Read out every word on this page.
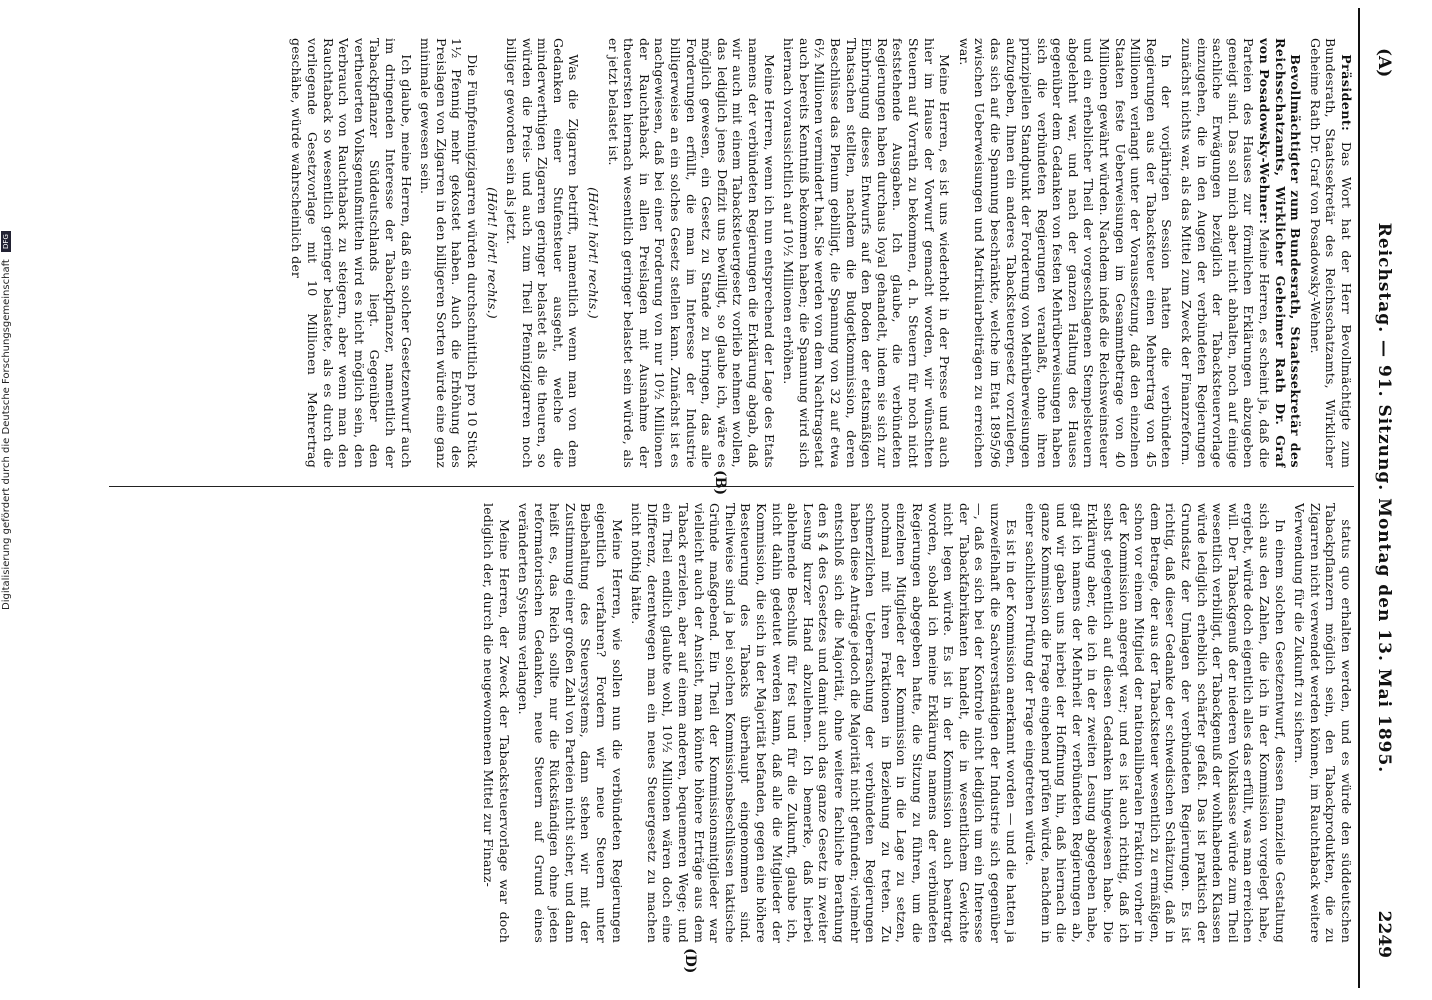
(A)
Reichstag. — 91. Sitzung. Montag den 13. Mai 1895.
2249

Präsident: Das Wort hat der Herr Bevollmächtigte zum Bundesrath, Staatssekretär des Reichsschatzamts, Wirklicher Geheime Rath Dr. Graf von Posadowsky-Wehner.

Bevollmächtigter zum Bundesrath, Staatssekretär des Reichsschatzamts, Wirklicher Geheimer Rath Dr. Graf von Posadowsky-Wehner: Meine Herren, es scheint ja, daß die Parteien des Hauses zur förmlichen Erklärungen abzugeben geneigt sind. Das soll mich aber nicht abhalten, noch auf einige sachliche Erwägungen bezüglich der Tabacksteuervorlage einzugehen, die in den Augen der verbündeten Regierungen zunächst nichts war, als das Mittel zum Zweck der Finanzreform.

In der vorjährigen Session hatten die verbündeten Regierungen aus der Tabacksteuer einen Mehrertrag von 45 Millionen verlangt unter der Voraussetzung, daß den einzelnen Staaten feste Ueberweisungen im Gesammtbetrage von 40 Millionen gewährt würden. Nachdem indeß die Reichsweinsteuer und ein erheblicher Theil der vorgeschlagenen Stempelsteuern abgelehnt war, und nach der ganzen Haltung des Hauses gegenüber dem Gedanken von festen Mehrüberweisungen haben sich die verbündeten Regierungen veranlaßt, ohne ihren prinzipiellen Standpunkt der Forderung von Mehrüberweisungen aufzugeben, Ihnen ein anderes Tabacksteuergesetz vorzulegen, das sich auf die Spannung beschränkte, welche im Etat 1895/96 zwischen Ueberweisungen und Matrikularbeiträgen zu erreichen war.

Meine Herren, es ist uns wiederholt in der Presse und auch hier im Hause der Vorwurf gemacht worden, wir wünschten Steuern auf Vorrath zu bekommen, d. h. Steuern für noch nicht feststehende Ausgaben. Ich glaube, die verbündeten Regierungen haben durchaus loyal gehandelt, indem sie sich zur Einbringung dieses Entwurfs auf den Boden der etatsmäßigen Thatsachen stellten, nachdem die Budgetkommission, deren Beschlüsse das Plenum gebilligt, die Spannung von 32 auf etwa 6½ Millionen vermindert hat. Sie werden von dem Nachtragsetat auch bereits Kenntniß bekommen haben; die Spannung wird sich hiernach voraussichtlich auf 10½ Millionen erhöhen.

Meine Herren, wenn ich nun entsprechend der Lage des Etats namens der verbündeten Regierungen die Erklärung abgab, daß wir auch mit einem Tabacksteuergesetz vorlieb nehmen wollen, das lediglich jenes Defizit uns bewilligt, so glaube ich, wäre es möglich gewesen, ein Gesetz zu Stande zu bringen, das alle Forderungen erfüllt, die man im Interesse der Industrie billigerweise an ein solches Gesetz stellen kann. Zunächst ist es nachgewiesen, daß bei einer Forderung von nur 10½ Millionen der Rauchtaback in allen Preislagen mit Ausnahme der theuersten hiernach wesentlich geringer belastet sein würde, als er jetzt belastet ist.

(Hört! hört! rechts.)

Was die Zigarren betrifft, namentlich wenn man von dem Gedanken einer Stufensteuer ausgeht, welche die minderwerthigen Zigarren geringer belastet als die theuren, so würden die Preis- und auch zum Theil Pfennigzigarren noch billiger geworden sein als jetzt.

(Hört! hört! rechts.)

Die Fünfpfennigzigarren würden durchschnittlich pro 10 Stück 1½ Pfennig mehr gekostet haben. Auch die Erhöhung des Preislagen von Zigarren in den billigeren Sorten würde eine ganz minimale gewesen sein.

Ich glaube, meine Herren, daß ein solcher Gesetzentwurf auch im dringenden Interesse der Tabackpflanzer, namentlich der Tabackpflanzer Süddeutschlands liegt. Gegenüber den vertheuerten Volksgenußmitteln wird es nicht möglich sein, den Verbrauch von Rauchtaback zu steigern, aber wenn man den Rauchtaback so wesentlich geringer belastete, als es durch die vorliegende Gesetzvorlage mit 10 Millionen Mehrertrag geschähe, würde wahrscheinlich der

status quo erhalten werden, und es würde den süddeutschen Tabackpflanzern möglich sein, den Tabackprodukten, die zu Zigarren nicht verwendet werden können, im Rauchtaback weitere Verwendung für die Zukunft zu sichern.

In einem solchen Gesetzentwurf, dessen finanzielle Gestaltung sich aus den Zahlen, die ich in der Kommission vorgelegt habe, ergiebt, würde doch eigentlich alles das erfüllt, was man erreichen will. Der Tabackgenuß der niederen Volksklasse würde zum Theil wesentlich verbilligt, der Tabackgenuß der wohlhabenden Klassen würde lediglich erheblich schärfer gefaßt. Das ist praktisch der Grundsatz der Umlagen der verbündeten Regierungen. Es ist richtig, daß dieser Gedanke der schwedischen Schätzung, daß in dem Betrage, der aus der Tabacksteuer wesentlich zu ermäßigen, schon vor einem Mitglied der nationalliberalen Fraktion vorher in der Kommission angeregt war; und es ist auch richtig, daß ich selbst gelegentlich auf diesen Gedanken hingewiesen habe. Die Erklärung aber, die ich in der zweiten Lesung abgegeben habe, galt ich namens der Mehrheit der verbündeten Regierungen ab, und wir gaben uns hierbei der Hoffnung hin, daß hiernach die ganze Kommission die Frage eingehend prüfen würde, nachdem in einer sachlichen Prüfung der Frage eingetreten würde.

Es ist in der Kommission anerkannt worden — und die hatten ja unzweifelhaft die Sachverständigen der Industrie sich gegenüber —, daß es sich bei der Kontrole nicht lediglich um ein Interesse der Tabackfabrikanten handelt, die in wesentlichem Gewichte nicht legen würde. Es ist in der Kommission auch beantragt worden, sobald ich meine Erklärung namens der verbündeten Regierungen abgegeben hatte, die Sitzung zu führen, um die einzelnen Mitglieder der Kommission in die Lage zu setzen, nochmal mit ihren Fraktionen in Beziehung zu treten. Zu schmerzlichen Ueberraschung der verbündeten Regierungen haben diese Anträge jedoch die Majorität nicht gefunden; vielmehr entschloß sich die Majorität, ohne weitere fachliche Berathung den § 4 des Gesetzes und damit auch das ganze Gesetz in zweiter Lesung kurzer Hand abzulehnen. Ich bemerke, daß hierbei ablehnende Beschluß für fest und für die Zukunft, glaube ich, nicht dahin gedeutet werden kann, daß alle die Mitglieder der Kommission, die sich in der Majorität befanden, gegen eine höhere Besteuerung des Tabacks überhaupt eingenommen sind. Theilweise sind ja bei solchen Kommissionsbeschlüssen taktische Gründe maßgebend. Ein Theil der Kommissionsmitglieder war vielleicht auch der Ansicht, man könnte höhere Erträge aus dem Taback erzielen, aber auf einem anderen, bequemeren Wege; und ein Theil endlich glaubte wohl, 10½ Millionen wären doch eine Differenz, derentwegen man ein neues Steuergesetz zu machen nicht nöthig hätte.

Meine Herren, wie sollen nun die verbündeten Regierungen eigentlich verfahren? Fordern wir neue Steuern unter Beibehaltung des Steuersystems, dann stehen wir mit der Zustimmung einer großen Zahl von Parteien nicht sicher, und dann heißt es, das Reich sollte nur die Rückständigen ohne jeden reformatorischen Gedanken, neue Steuern auf Grund eines veränderten Systems verlangen.

Meine Herren, der Zweck der Tabacksteuervorlage war doch lediglich der, durch die neugewonnenen Mittel zur Finanz-

(B)
(D)
Digitalisierung gefördert durch die Deutsche Forschungsgemeinschaft DFG
